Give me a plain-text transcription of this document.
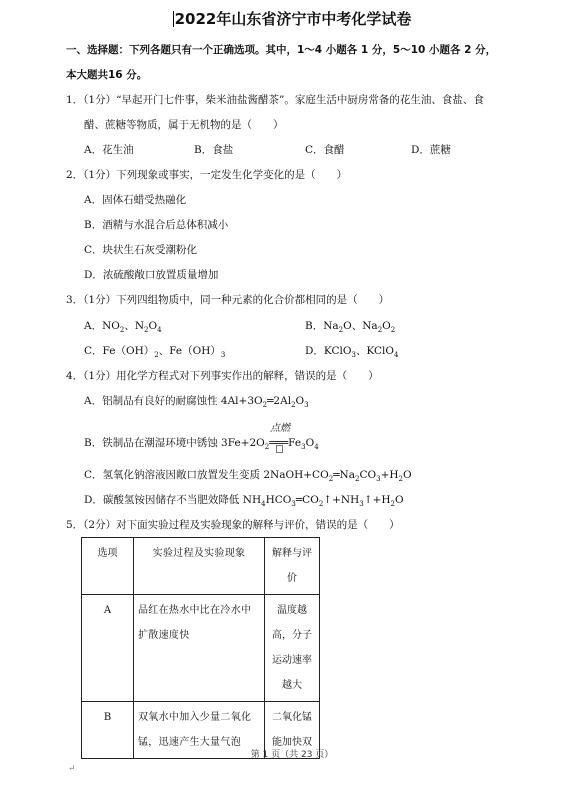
2022年山东省济宁市中考化学试卷
一、选择题：下列各题只有一个正确选项。其中，1～4 小题各 1 分，5～10 小题各 2 分，
本大题共16 分。
1．（1分）“早起开门七件事，柴米油盐酱醋茶”。家庭生活中厨房常备的花生油、食盐、食
醋、蔗糖等物质，属于无机物的是（　　）
A．花生油	B．食盐	C．食醋	D．蔗糖
2．（1分）下列现象或事实，一定发生化学变化的是（　　）
A．固体石蜡受热融化
B．酒精与水混合后总体积减小
C．块状生石灰受潮粉化
D．浓硫酸敞口放置质量增加
3．（1分）下列四组物质中，同一种元素的化合价都相同的是（　　）
A．$NO_2$、$N_2O_4$	B．$Na_2O$、$Na_2O_2$
C．$Fe(OH)_2$、$Fe(OH)_3$	D．KClO$_3$、KClO$_4$
4．（1分）用化学方程式对下列事实作出的解释，错误的是（　　）
A．铝制品有良好的耐腐蚀性 $4Al+3O_2═2Al_2O_3$
点燃
B．铁制品在潮湿环境中锈蚀 $3Fe+2O_2═══Fe_3O_4$
C．氢氧化钠溶液因敞口放置发生变质 $2NaOH+CO_2═Na_2CO_3+H_2O$
D．碳酸氢铵因储存不当肥效降低 $NH_4HCO_3═CO_2↑+NH_3↑+H_2O$
5．（2分）对下面实验过程及实验现象的解释与评价，错误的是（　　）
选项	实验过程及实验现象	解释与评价
A	品红在热水中比在冷水中扩散速度快	温度越高，分子运动速率越大
B	双氧水中加入少量二氧化锰，迅速产生大量气泡	二氧化锰能加快双
第 1 页（共 23 页）
↵
